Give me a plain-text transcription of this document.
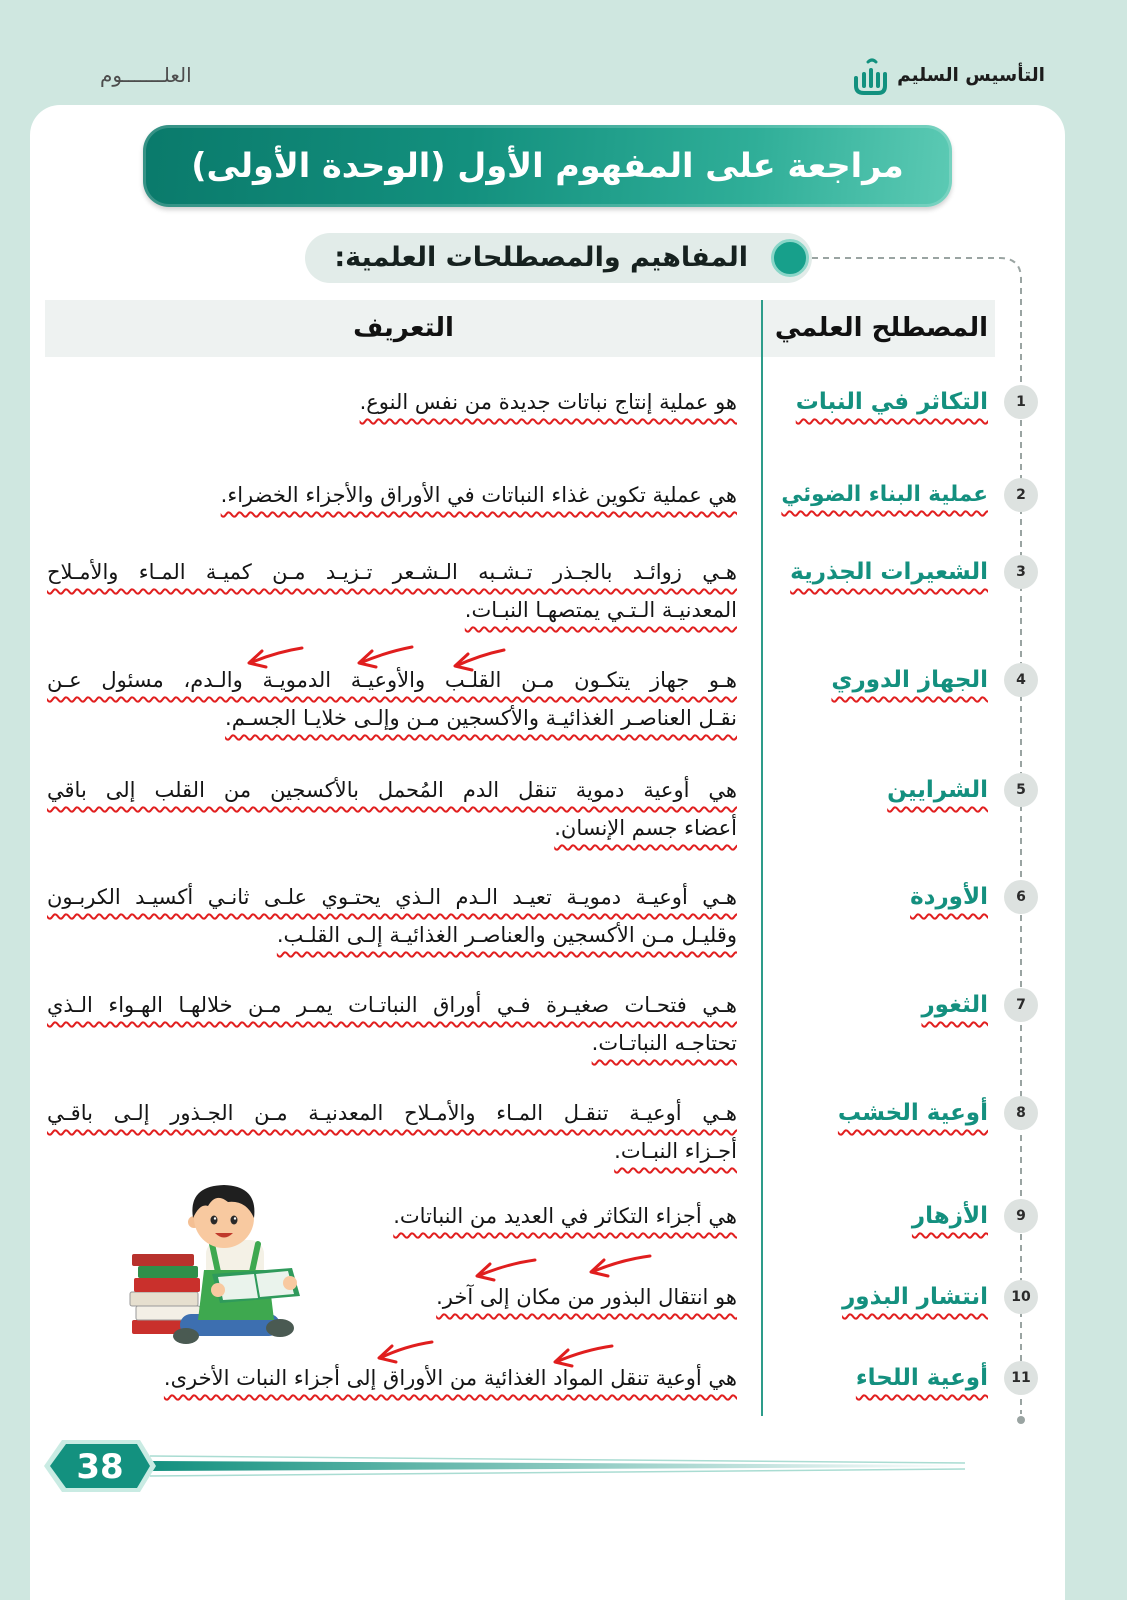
التأسيس السليم
العلـــــــوم
مراجعة على المفهوم الأول (الوحدة الأولى)
المفاهيم والمصطلحات العلمية:
المصطلح العلمي
التعريف
1
التكاثر في النبات
هو عملية إنتاج نباتات جديدة من نفس النوع.
2
عملية البناء الضوئي
هي عملية تكوين غذاء النباتات في الأوراق والأجزاء الخضراء.
3
الشعيرات الجذرية
هـي زوائـد بالجـذر تـشـبه الـشـعر تـزيـد مـن كميـة المـاء والأمـلاح
المعدنيـة الـتـي يمتصهـا النبـات.
4
الجهاز الدوري
هـو جهاز يتكـون مـن القلـب والأوعيـة الدمويـة والـدم، مسئول عـن
نقـل العناصـر الغذائيـة والأكسجين مـن وإلـى خلايـا الجسـم.
5
الشرايين
هي أوعية دموية تنقل الدم المُحمل بالأكسجين من القلب إلى باقي
أعضاء جسم الإنسان.
6
الأوردة
هـي أوعيـة دمويـة تعيـد الـدم الـذي يحتـوي علـى ثانـي أكسيـد الكربـون
وقليـل مـن الأكسجين والعناصـر الغذائيـة إلـى القلـب.
7
الثغور
هـي فتحـات صغيـرة فـي أوراق النباتـات يمـر مـن خلالهـا الهـواء الـذي
تحتاجـه النباتـات.
8
أوعية الخشب
هـي أوعيـة تنقـل المـاء والأمـلاح المعدنيـة مـن الجـذور إلـى باقـي
أجـزاء النبـات.
9
الأزهار
هي أجزاء التكاثر في العديد من النباتات.
10
انتشار البذور
هو انتقال البذور من مكان إلى آخر.
11
أوعية اللحاء
هي أوعية تنقل المواد الغذائية من الأوراق إلى أجزاء النبات الأخرى.
38
